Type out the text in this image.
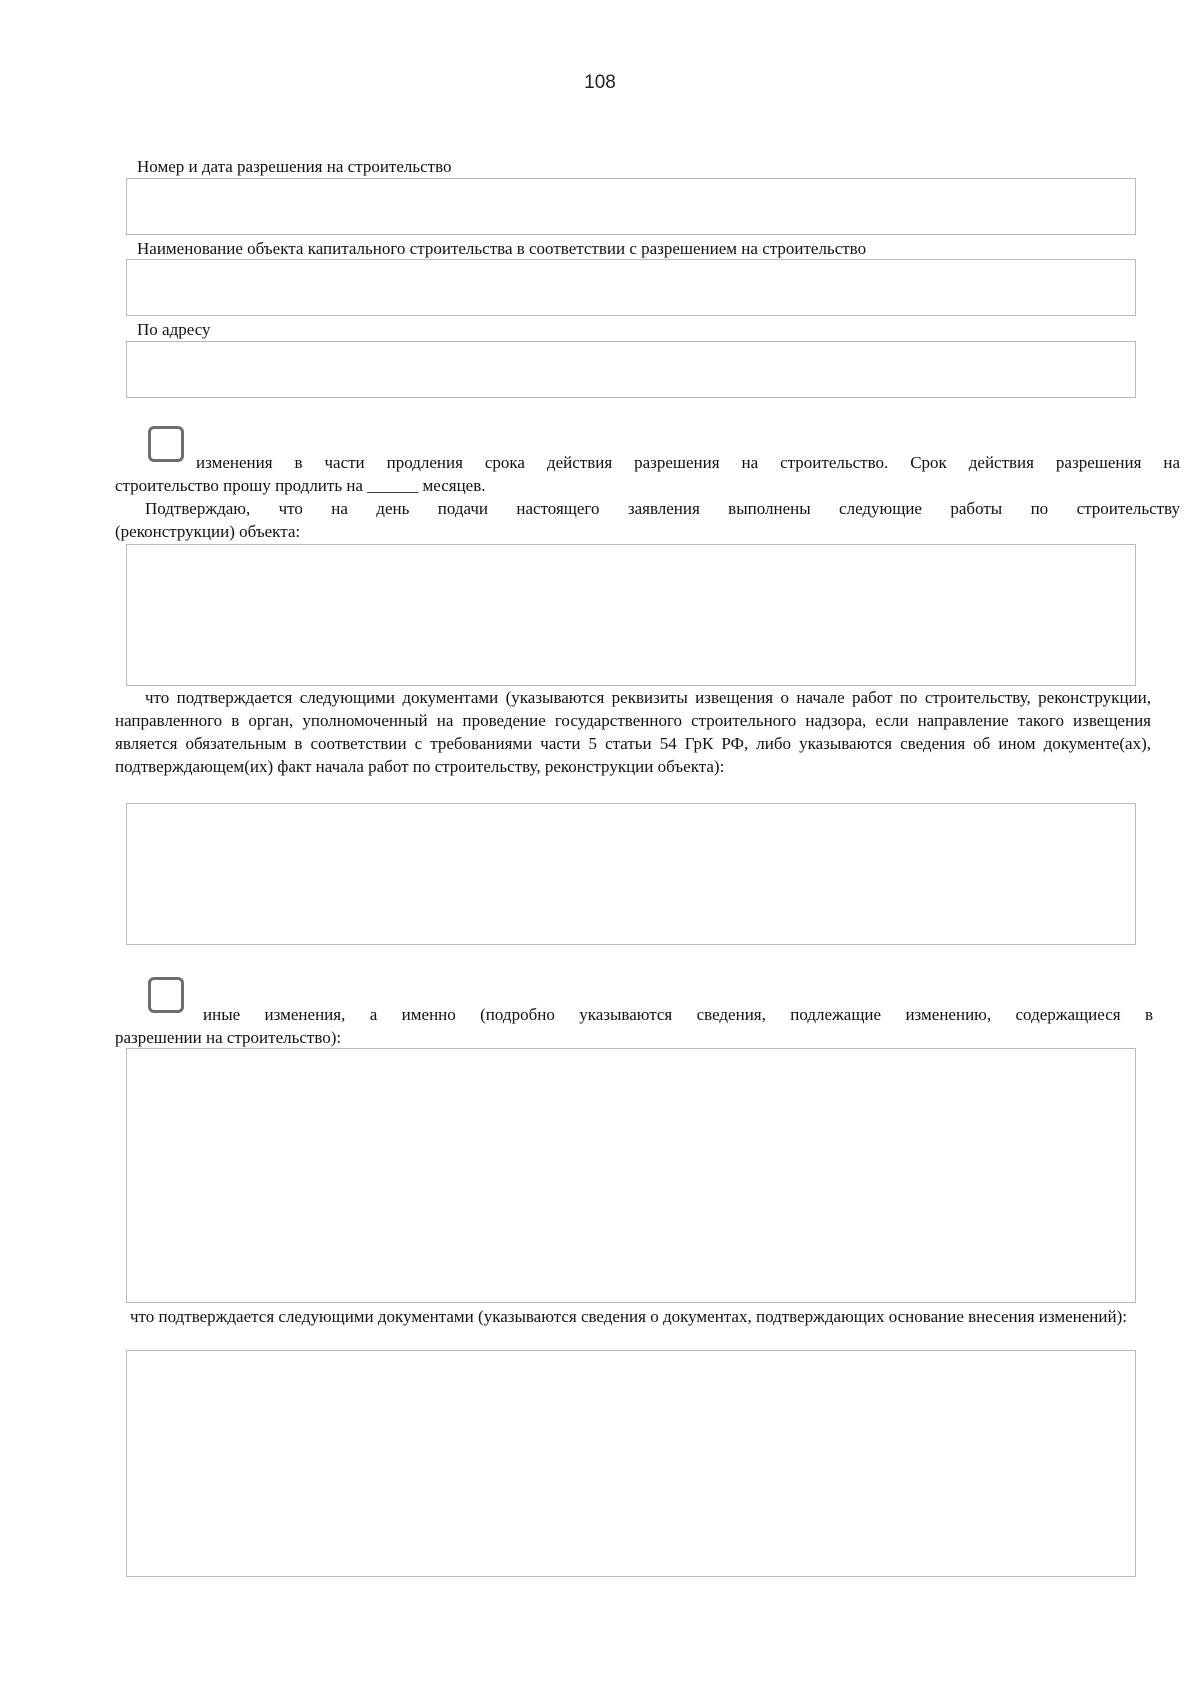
108
Номер и дата разрешения на строительство
Наименование объекта капитального строительства в соответствии с разрешением на строительство
По адресу
изменения в части продления срока действия разрешения на строительство. Срок действия разрешения на
строительство прошу продлить на ______ месяцев.
Подтверждаю, что на день подачи настоящего заявления выполнены следующие работы по строительству
(реконструкции) объекта:
что подтверждается следующими документами (указываются реквизиты извещения о начале работ по строительству, реконструкции, направленного в орган, уполномоченный на проведение государственного строительного надзора, если направление такого извещения является обязательным в соответствии с требованиями части 5 статьи 54 ГрК РФ, либо указываются сведения об ином документе(ах), подтверждающем(их) факт начала работ по строительству, реконструкции объекта):
иные изменения, а именно (подробно указываются сведения, подлежащие изменению, содержащиеся в
разрешении на строительство):
что подтверждается следующими документами (указываются сведения о документах, подтверждающих основание внесения изменений):
